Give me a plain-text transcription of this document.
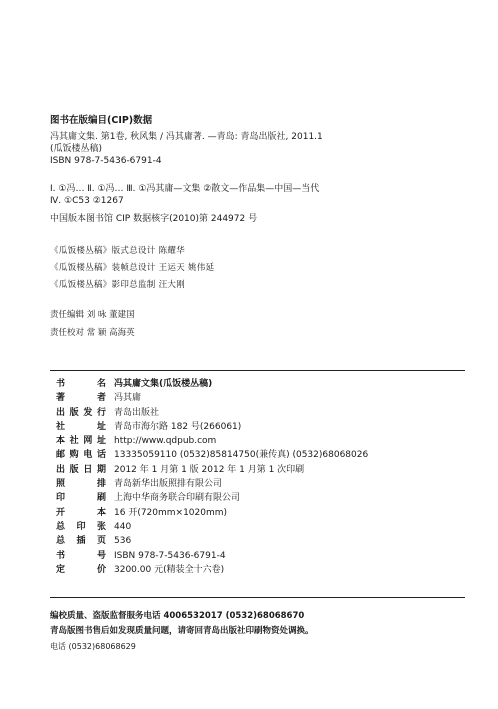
图书在版编目(CIP)数据
冯其庸文集. 第1卷, 秋风集 / 冯其庸著. —青岛: 青岛出版社, 2011.1
(瓜饭楼丛稿)
ISBN 978-7-5436-6791-4
Ⅰ. ①冯… Ⅱ. ①冯… Ⅲ. ①冯其庸—文集 ②散文—作品集—中国—当代
Ⅳ. ①C53 ②1267
中国版本图书馆 CIP 数据核字(2010)第 244972 号
《瓜饭楼丛稿》版式总设计 陈耀华
《瓜饭楼丛稿》装帧总设计 王运天 姚伟延
《瓜饭楼丛稿》影印总监制 汪大刚
责任编辑 刘 咏 董建国
责任校对 常 颖 高海英
书名 冯其庸文集(瓜饭楼丛稿)
著者 冯其庸
出版发行 青岛出版社
社址 青岛市海尔路 182 号(266061)
本社网址 http://www.qdpub.com
邮购电话 13335059110 (0532)85814750(兼传真) (0532)68068026
出版日期 2012 年 1 月第 1 版 2012 年 1 月第 1 次印刷
照排 青岛新华出版照排有限公司
印刷 上海中华商务联合印刷有限公司
开本 16 开(720mm×1020mm)
总印张 440
总插页 536
书号 ISBN 978-7-5436-6791-4
定价 3200.00 元(精装全十六卷)
编校质量、盗版监督服务电话 4006532017 (0532)68068670
青岛版图书售后如发现质量问题，请寄回青岛出版社印刷物资处调换。
电话 (0532)68068629
